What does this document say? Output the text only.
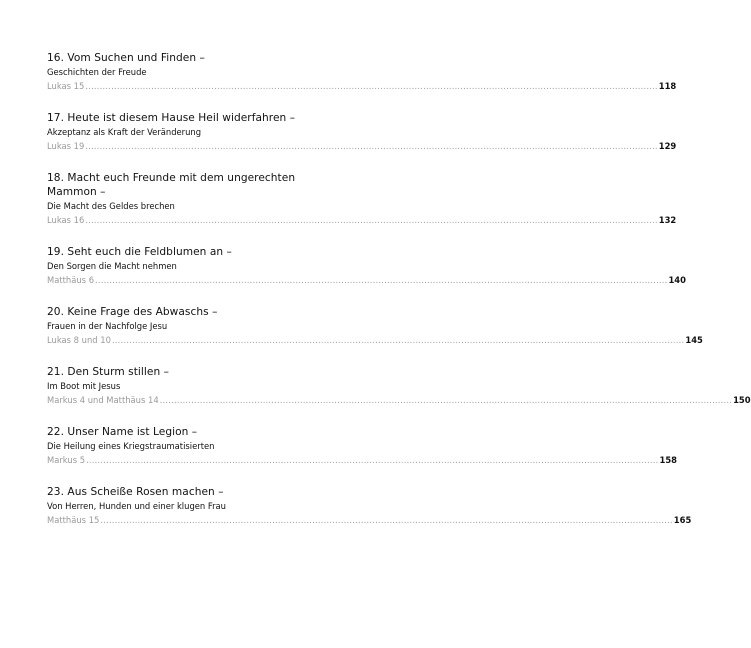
16. Vom Suchen und Finden –
Geschichten der Freude
Lukas 15 ........................................................................................................................................................................................................ 118
17. Heute ist diesem Hause Heil widerfahren –
Akzeptanz als Kraft der Veränderung
Lukas 19 ........................................................................................................................................................................................................ 129
18. Macht euch Freunde mit dem ungerechten Mammon –
Die Macht des Geldes brechen
Lukas 16 ........................................................................................................................................................................................................ 132
19. Seht euch die Feldblumen an –
Den Sorgen die Macht nehmen
Matthäus 6 ........................................................................................................................................................................................................ 140
20. Keine Frage des Abwaschs –
Frauen in der Nachfolge Jesu
Lukas 8 und 10 ........................................................................................................................................................................................................ 145
21. Den Sturm stillen –
Im Boot mit Jesus
Markus 4 und Matthäus 14 ........................................................................................................................................................................................................ 150
22. Unser Name ist Legion –
Die Heilung eines Kriegstraumatisierten
Markus 5 ........................................................................................................................................................................................................ 158
23. Aus Scheiße Rosen machen –
Von Herren, Hunden und einer klugen Frau
Matthäus 15 ........................................................................................................................................................................................................ 165
